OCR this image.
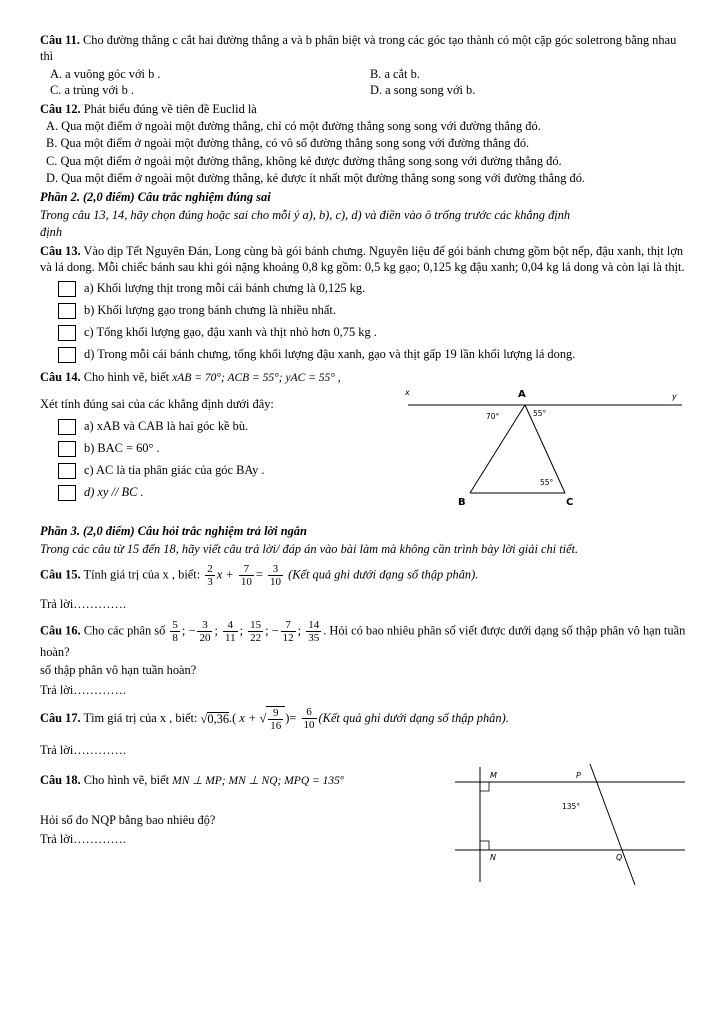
Câu 11. Cho đường thẳng c cắt hai đường thẳng a và b phân biệt và trong các góc tạo thành có một cặp góc soletrong bằng nhau thì

A. a vuông góc với b .	B. a cắt b.
C. a trùng với b .	D. a song song với b.

Câu 12. Phát biểu đúng về tiên đề Euclid là

A. Qua một điểm ở ngoài một đường thẳng, chỉ có một đường thẳng song song với đường thẳng đó.

B. Qua một điểm ở ngoài một đường thẳng, có vô số đường thẳng song song với đường thẳng đó.

C. Qua một điểm ở ngoài một đường thẳng, không kẻ được đường thẳng song song với đường thẳng đó.

D. Qua một điểm ở ngoài một đường thẳng, kẻ được ít nhất một đường thẳng song song với đường thẳng đó.

Phần 2. (2,0 điểm) Câu trắc nghiệm đúng sai

Trong câu 13, 14, hãy chọn đúng hoặc sai cho mỗi ý a), b), c), d) và điền vào ô trống trước các khẳng định

định

Câu 13. Vào dịp Tết Nguyên Đán, Long cùng bà gói bánh chưng. Nguyên liệu để gói bánh chưng gồm bột nếp, đậu xanh, thịt lợn và lá dong. Mỗi chiếc bánh sau khi gói nặng khoảng 0,8 kg gồm: 0,5 kg gạo; 0,125 kg đậu xanh; 0,04 kg lá dong và còn lại là thịt.

a) Khối lượng thịt trong mỗi cái bánh chưng là 0,125 kg.
b) Khối lượng gạo trong bánh chưng là nhiều nhất.
c) Tổng khối lượng gạo, đậu xanh và thịt nhỏ hơn 0,75 kg .
d) Trong mỗi cái bánh chưng, tổng khối lượng đậu xanh, gạo và thịt gấp 19 lần khối lượng lá dong.

Câu 14. Cho hình vẽ, biết xAB = 70°; ACB = 55°; yAC = 55° ,

Xét tính đúng sai của các khẳng định dưới đây:

a) xAB và CAB là hai góc kề bù.
b) BAC = 60° .
c) AC là tia phân giác của góc BAy .
d) xy // BC .
x	y
A
B	C
70°	55°
55°

Phần 3. (2,0 điểm) Câu hỏi trắc nghiệm trả lời ngắn

Trong các câu từ 15 đến 18, hãy viết câu trả lời/ đáp án vào bài làm mà không cần trình bày lời giải chi tiết.

Câu 15. Tính giá trị của x , biết: $\frac{2}{3}$ $x + \frac{7}{10} = \frac{3}{10}$ (Kết quả ghi dưới dạng số thập phân).

Trả lời………….

Câu 16. Cho các phân số $\frac{5}{8}$ ; − $\frac{3}{20}$ ; $\frac{4}{11}$ ; $\frac{15}{22}$ ; − $\frac{7}{12}$ ; $\frac{14}{35}$ . Hỏi có bao nhiêu phân số viết được dưới dạng số thập phân vô hạn tuần hoàn?

số thập phân vô hạn tuần hoàn?

Trả lời………….

Câu 17. Tìm giá trị của x , biết: √0,36.( x + √ $\frac{9}{16}$ )= $\frac{6}{10}$ (Kết quả ghi dưới dạng số thập phân).

Trả lời………….

Câu 18. Cho hình vẽ, biết MN ⊥ MP; MN ⊥ NQ; MPQ = 135º

Hỏi số đo NQP bằng bao nhiêu độ?

Trả lời………….

M	P
N	Q
135°
